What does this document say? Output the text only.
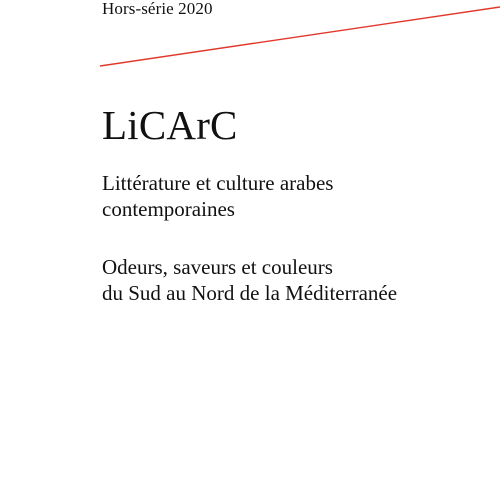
Hors-série 2020
LiCArC
Littérature et culture arabes
contemporaines
Odeurs, saveurs et couleurs
du Sud au Nord de la Méditerranée
